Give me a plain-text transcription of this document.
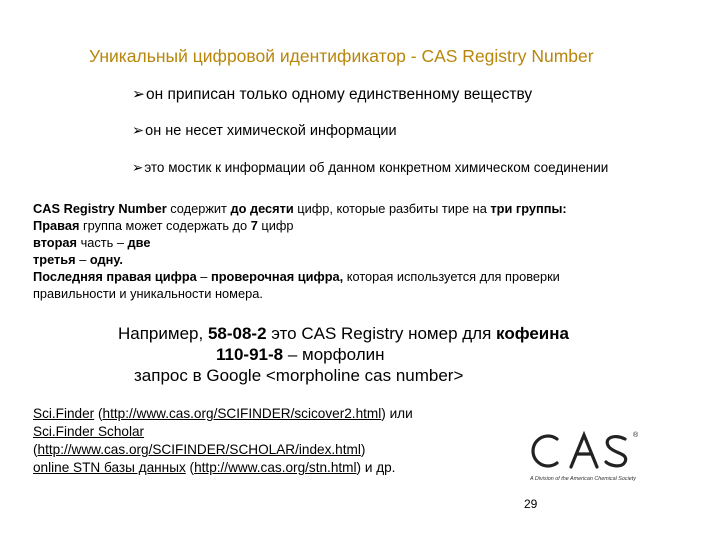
Уникальный цифровой идентификатор - CAS Registry Number
➢он приписан только одному единственному веществу
➢он не несет химической информации
➢это мостик к информации об данном конкретном химическом соединении
CAS Registry Number содержит до десяти цифр, которые разбиты тире на три группы:
Правая группа может содержать до 7 цифр
вторая часть – две
третья – одну.
Последняя правая цифра – проверочная цифра, которая используется для проверки
правильности и уникальности номера.
Например, 58-08-2 это CAS Registry номер для кофеина
110-91-8 – морфолин
запрос в Google <morpholine cas number>
Sci.Finder (http://www.cas.org/SCIFINDER/scicover2.html) или
Sci.Finder Scholar
(http://www.cas.org/SCIFINDER/SCHOLAR/index.html)
online STN базы данных (http://www.cas.org/stn.html) и др.
®
A Division of the American Chemical Society
29
